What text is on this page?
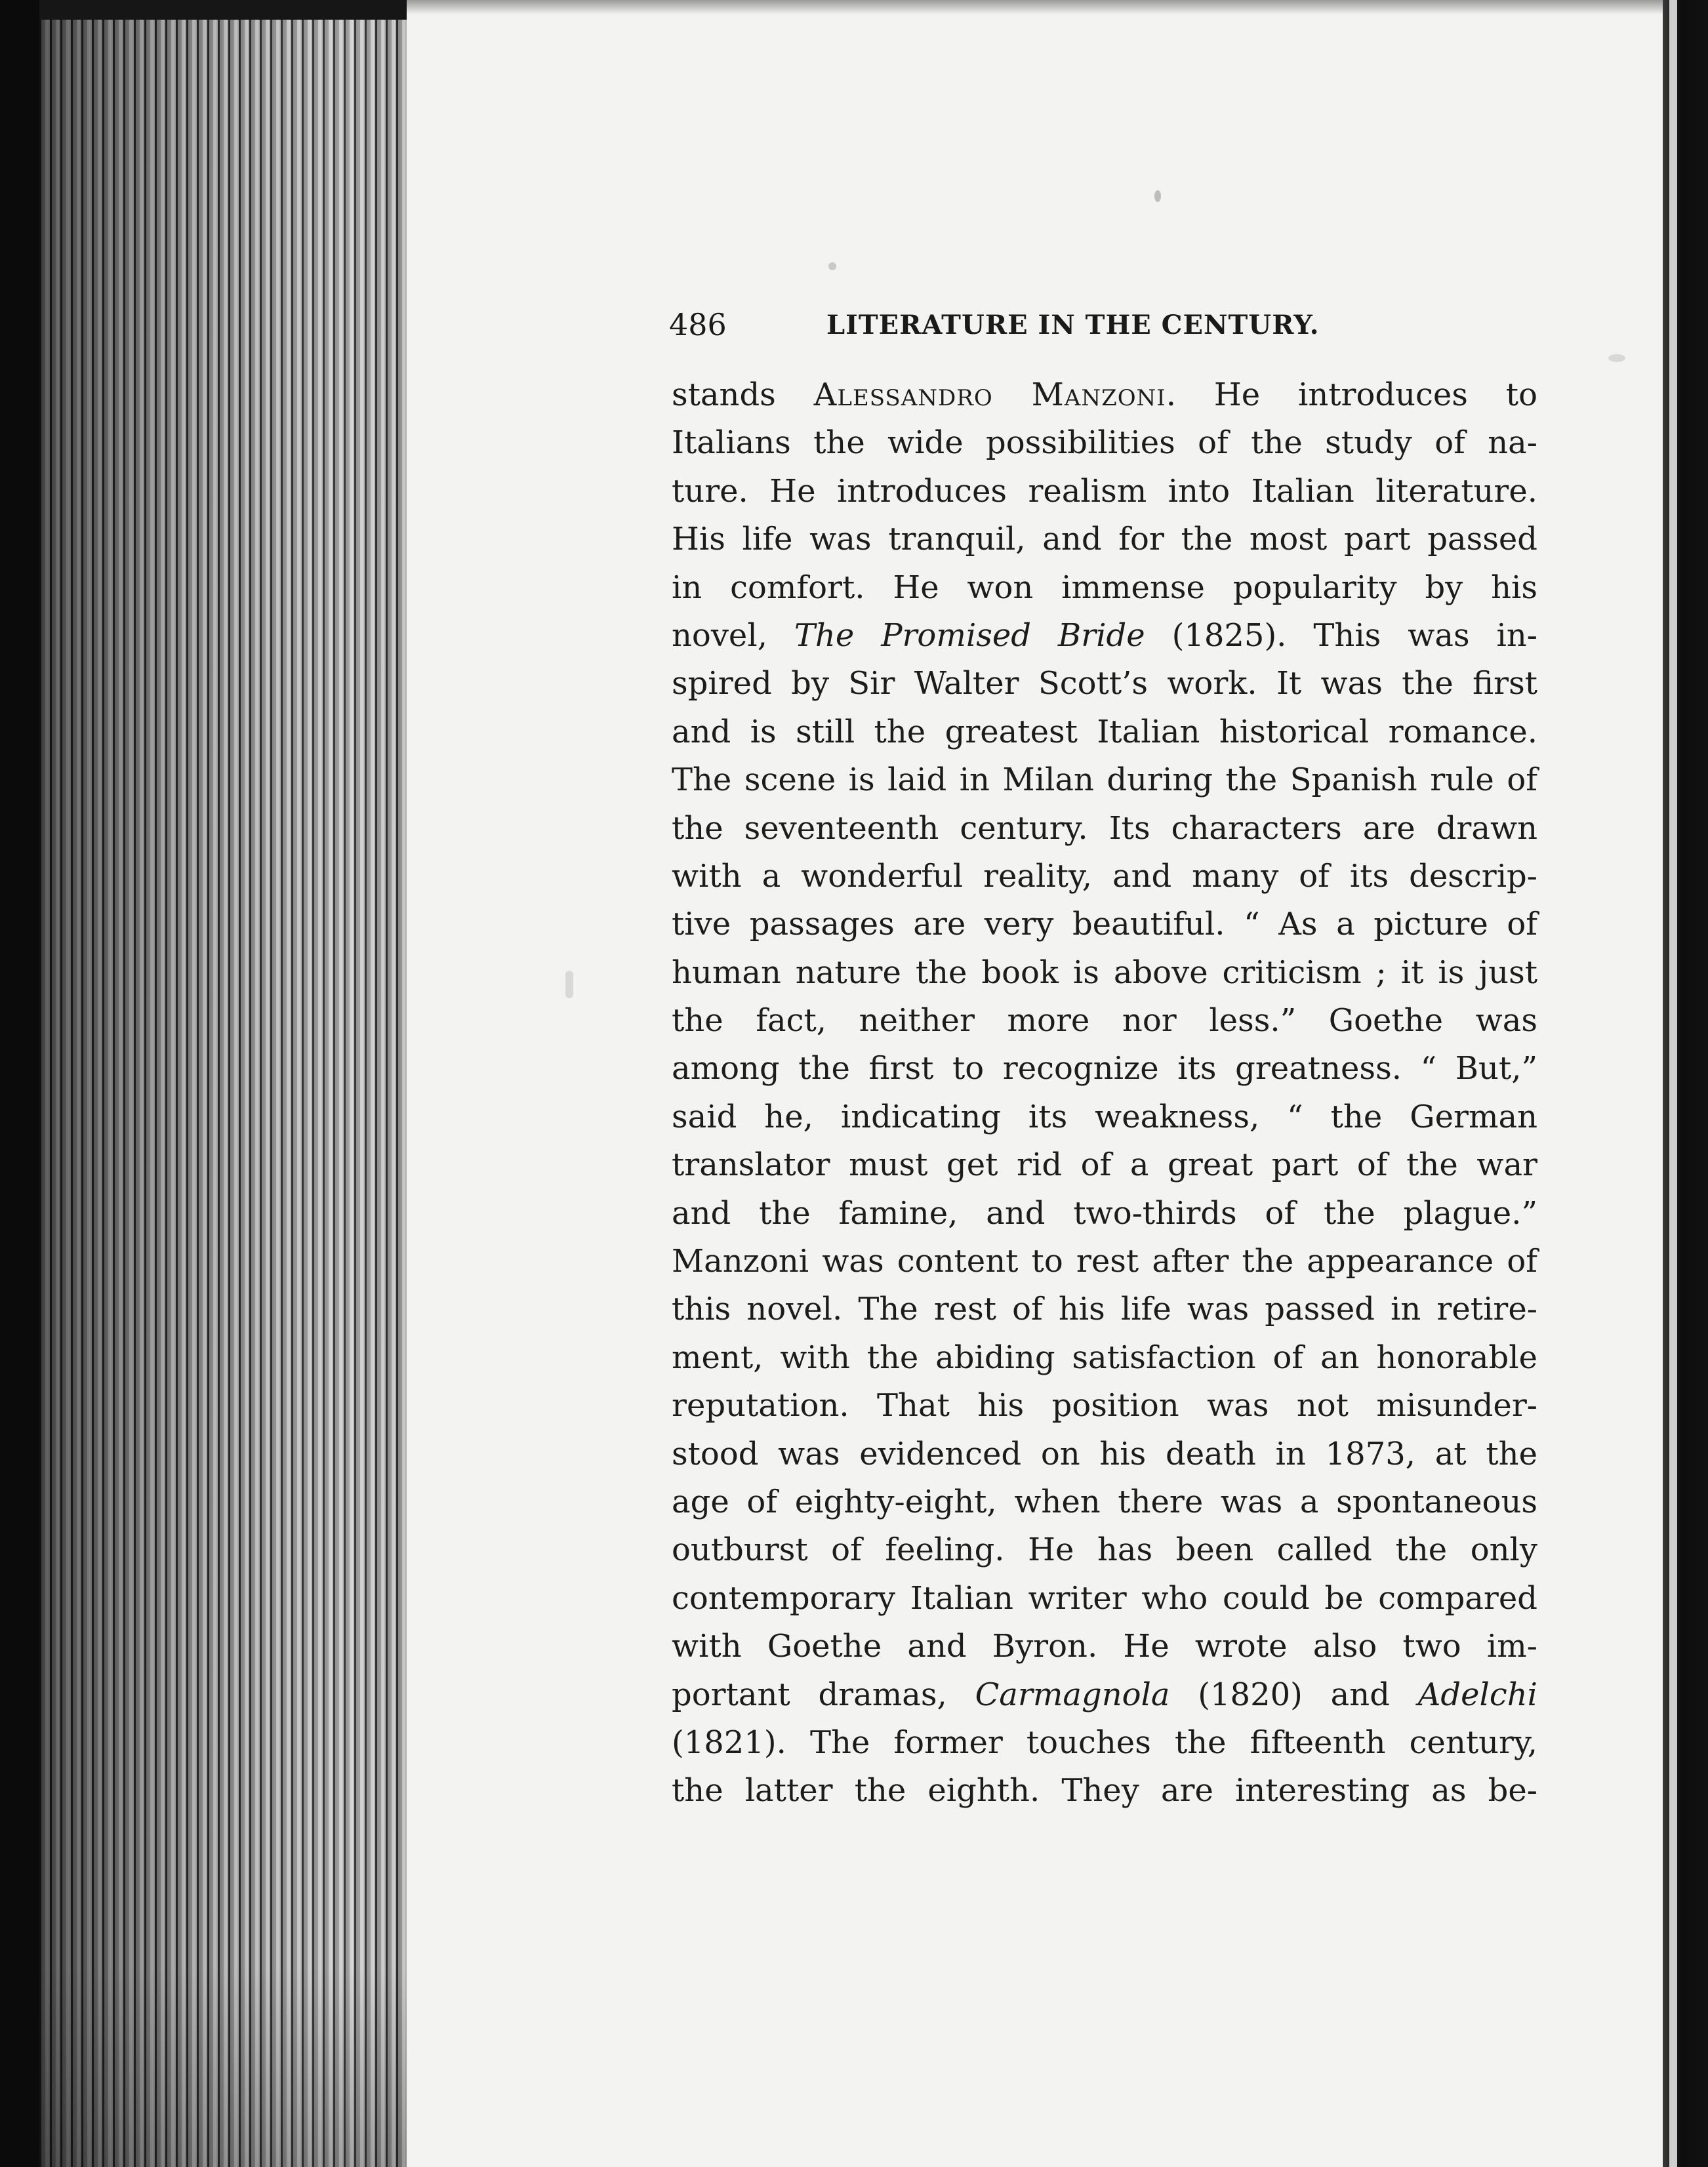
486	LITERATURE IN THE CENTURY.
stands Alessandro Manzoni. He introduces to
Italians the wide possibilities of the study of na-
ture. He introduces realism into Italian literature.
His life was tranquil, and for the most part passed
in comfort. He won immense popularity by his
novel, The Promised Bride (1825). This was in-
spired by Sir Walter Scott’s work. It was the first
and is still the greatest Italian historical romance.
The scene is laid in Milan during the Spanish rule of
the seventeenth century. Its characters are drawn
with a wonderful reality, and many of its descrip-
tive passages are very beautiful. “ As a picture of
human nature the book is above criticism ; it is just
the fact, neither more nor less.” Goethe was
among the first to recognize its greatness. “ But,”
said he, indicating its weakness, “ the German
translator must get rid of a great part of the war
and the famine, and two-thirds of the plague.”
Manzoni was content to rest after the appearance of
this novel. The rest of his life was passed in retire-
ment, with the abiding satisfaction of an honorable
reputation. That his position was not misunder-
stood was evidenced on his death in 1873, at the
age of eighty-eight, when there was a spontaneous
outburst of feeling. He has been called the only
contemporary Italian writer who could be compared
with Goethe and Byron. He wrote also two im-
portant dramas, Carmagnola (1820) and Adelchi
(1821). The former touches the fifteenth century,
the latter the eighth. They are interesting as be-
